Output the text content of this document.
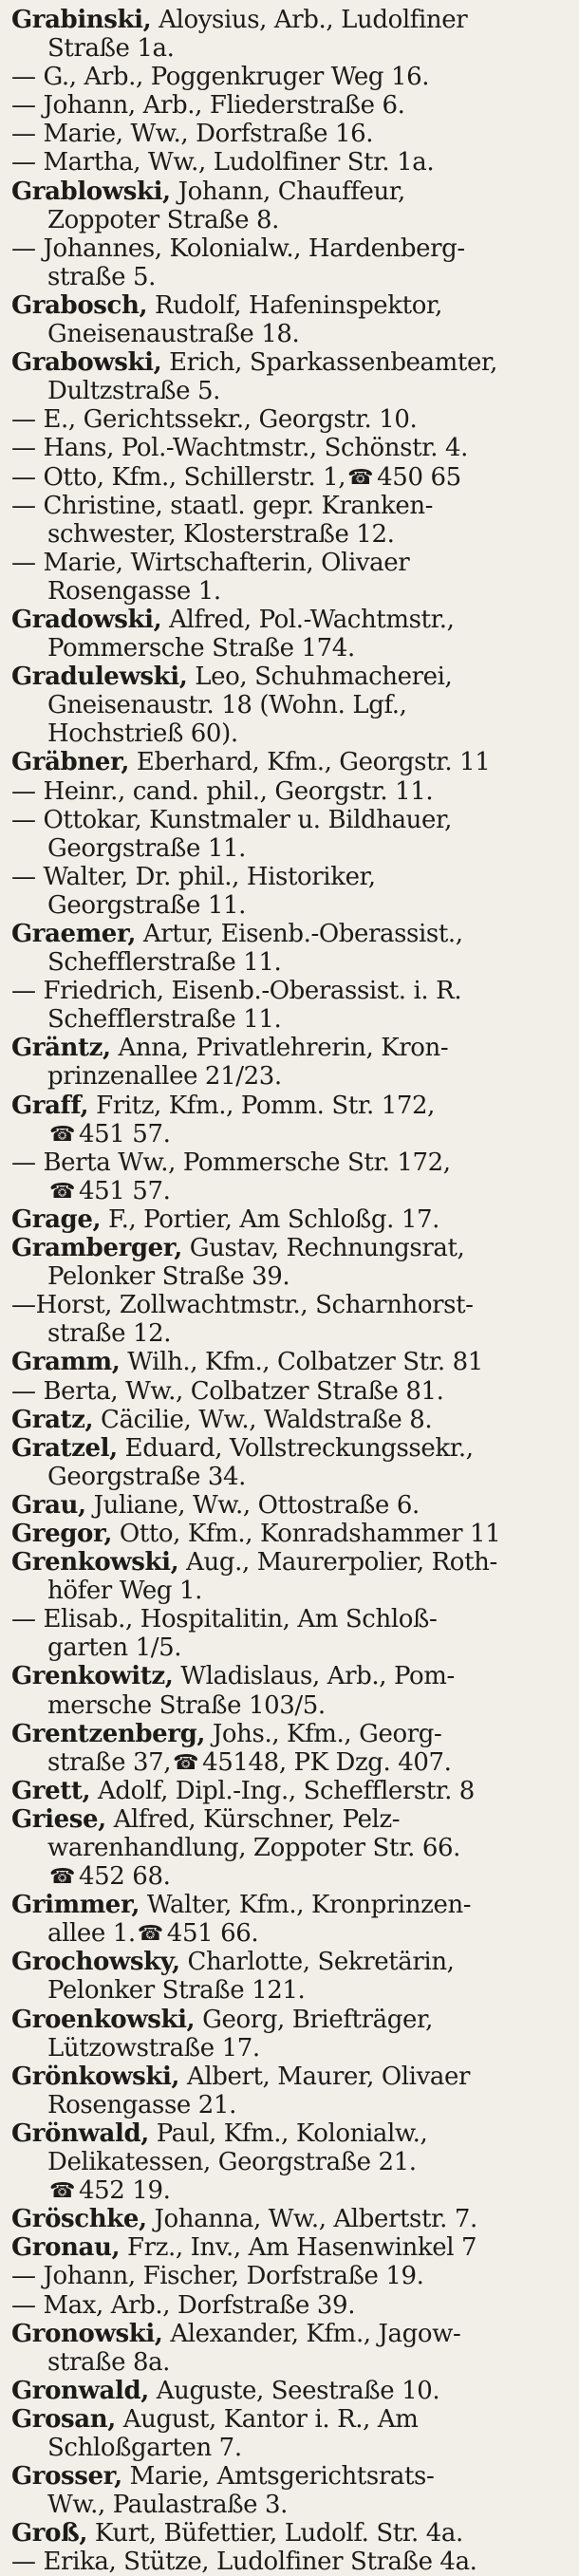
Grabinski, Aloysius, Arb., Ludolfiner
Straße 1a.
— G., Arb., Poggenkruger Weg 16.
— Johann, Arb., Fliederstraße 6.
— Marie, Ww., Dorfstraße 16.
— Martha, Ww., Ludolfiner Str. 1a.
Grablowski, Johann, Chauffeur,
Zoppoter Straße 8.
— Johannes, Kolonialw., Hardenberg-
straße 5.
Grabosch, Rudolf, Hafeninspektor,
Gneisenaustraße 18.
Grabowski, Erich, Sparkassenbeamter,
Dultzstraße 5.
— E., Gerichtssekr., Georgstr. 10.
— Hans, Pol.-Wachtmstr., Schönstr. 4.
— Otto, Kfm., Schillerstr. 1,☎ 450 65
— Christine, staatl. gepr. Kranken-
schwester, Klosterstraße 12.
— Marie, Wirtschafterin, Olivaer
Rosengasse 1.
Gradowski, Alfred, Pol.-Wachtmstr.,
Pommersche Straße 174.
Gradulewski, Leo, Schuhmacherei,
Gneisenaustr. 18 (Wohn. Lgf.,
Hochstrieß 60).
Gräbner, Eberhard, Kfm., Georgstr. 11
— Heinr., cand. phil., Georgstr. 11.
— Ottokar, Kunstmaler u. Bildhauer,
Georgstraße 11.
— Walter, Dr. phil., Historiker,
Georgstraße 11.
Graemer, Artur, Eisenb.-Oberassist.,
Schefflerstraße 11.
— Friedrich, Eisenb.-Oberassist. i. R.
Schefflerstraße 11.
Gräntz, Anna, Privatlehrerin, Kron-
prinzenallee 21/23.
Graff, Fritz, Kfm., Pomm. Str. 172,
☎ 451 57.
— Berta Ww., Pommersche Str. 172,
☎ 451 57.
Grage, F., Portier, Am Schloßg. 17.
Gramberger, Gustav, Rechnungsrat,
Pelonker Straße 39.
—Horst, Zollwachtmstr., Scharnhorst-
straße 12.
Gramm, Wilh., Kfm., Colbatzer Str. 81
— Berta, Ww., Colbatzer Straße 81.
Gratz, Cäcilie, Ww., Waldstraße 8.
Gratzel, Eduard, Vollstreckungssekr.,
Georgstraße 34.
Grau, Juliane, Ww., Ottostraße 6.
Gregor, Otto, Kfm., Konradshammer 11
Grenkowski, Aug., Maurerpolier, Roth-
höfer Weg 1.
— Elisab., Hospitalitin, Am Schloß-
garten 1/5.
Grenkowitz, Wladislaus, Arb., Pom-
mersche Straße 103/5.
Grentzenberg, Johs., Kfm., Georg-
straße 37,☎ 45148, PK Dzg. 407.
Grett, Adolf, Dipl.-Ing., Schefflerstr. 8
Griese, Alfred, Kürschner, Pelz-
warenhandlung, Zoppoter Str. 66.
☎ 452 68.
Grimmer, Walter, Kfm., Kronprinzen-
allee 1.☎ 451 66.
Grochowsky, Charlotte, Sekretärin,
Pelonker Straße 121.
Groenkowski, Georg, Briefträger,
Lützowstraße 17.
Grönkowski, Albert, Maurer, Olivaer
Rosengasse 21.
Grönwald, Paul, Kfm., Kolonialw.,
Delikatessen, Georgstraße 21.
☎ 452 19.
Gröschke, Johanna, Ww., Albertstr. 7.
Gronau, Frz., Inv., Am Hasenwinkel 7
— Johann, Fischer, Dorfstraße 19.
— Max, Arb., Dorfstraße 39.
Gronowski, Alexander, Kfm., Jagow-
straße 8a.
Gronwald, Auguste, Seestraße 10.
Grosan, August, Kantor i. R., Am
Schloßgarten 7.
Grosser, Marie, Amtsgerichtsrats-
Ww., Paulastraße 3.
Groß, Kurt, Büfettier, Ludolf. Str. 4a.
— Erika, Stütze, Ludolfiner Straße 4a.
